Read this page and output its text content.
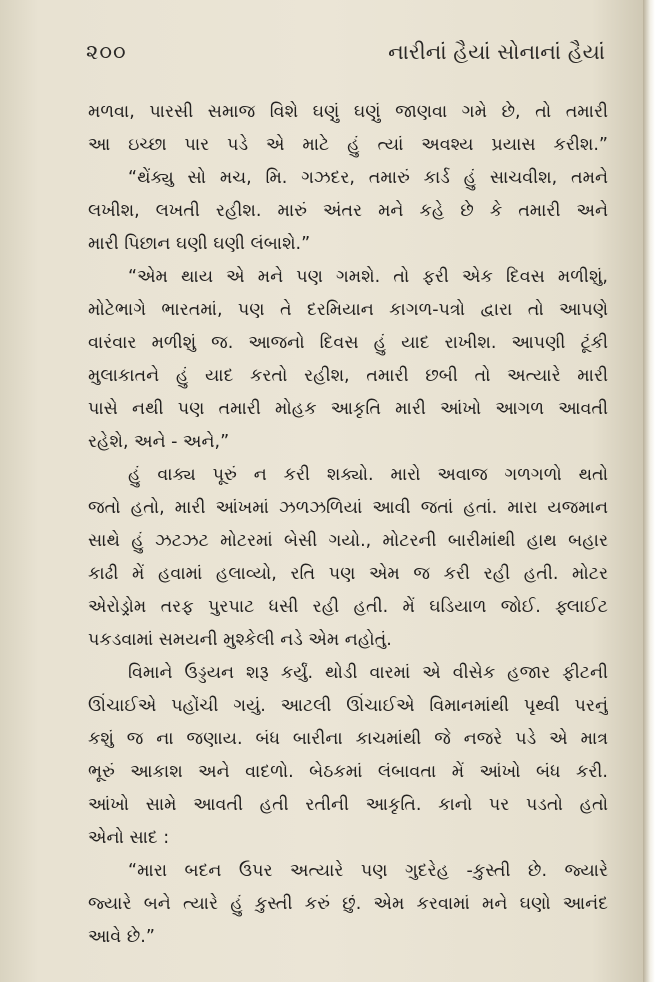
૨૦૦	નારીનાં હૈયાં સોનાનાં હૈયાં
મળવા, પારસી સમાજ વિશે ઘણું ઘણું જાણવા ગમે છે, તો તમારી
આ ઇચ્છા પાર પડે એ માટે હું ત્યાં અવશ્ય પ્રયાસ કરીશ.”
“થેંક્યુ સો મચ, મિ. ગઝદર, તમારું કાર્ડ હું સાચવીશ, તમને
લખીશ, લખતી રહીશ. મારું અંતર મને કહે છે કે તમારી અને
મારી પિછાન ઘણી ઘણી લંબાશે.”
“એમ થાય એ મને પણ ગમશે. તો ફરી એક દિવસ મળીશું,
મોટેભાગે ભારતમાં, પણ તે દરમિયાન કાગળ-પત્રો દ્વારા તો આપણે
વારંવાર મળીશું જ. આજનો દિવસ હું યાદ રાખીશ. આપણી ટૂંકી
મુલાકાતને હું યાદ કરતો રહીશ, તમારી છબી તો અત્યારે મારી
પાસે નથી પણ તમારી મોહક આકૃતિ મારી આંખો આગળ આવતી
રહેશે, અને - અને,”
હું વાક્ય પૂરું ન કરી શક્યો. મારો અવાજ ગળગળો થતો
જતો હતો, મારી આંખમાં ઝળઝળિયાં આવી જતાં હતાં. મારા યજમાન
સાથે હું ઝટઝટ મોટરમાં બેસી ગયો., મોટરની બારીમાંથી હાથ બહાર
કાઢી મેં હવામાં હલાવ્યો, રતિ પણ એમ જ કરી રહી હતી. મોટર
એરોડ્રોમ તરફ પુરપાટ ધસી રહી હતી. મેં ઘડિયાળ જોઈ. ફ્લાઈટ
પકડવામાં સમયની મુશ્કેલી નડે એમ નહોતું.
વિમાને ઉડ્ડયન શરૂ કર્યું. થોડી વારમાં એ વીસેક હજાર ફીટની
ઊંચાઈએ પહોંચી ગયું. આટલી ઊંચાઈએ વિમાનમાંથી પૃથ્વી પરનું
કશું જ ના જણાય. બંધ બારીના કાચમાંથી જે નજરે પડે એ માત્ર
ભૂરું આકાશ અને વાદળો. બેઠકમાં લંબાવતા મેં આંખો બંધ કરી.
આંખો સામે આવતી હતી રતીની આકૃતિ. કાનો પર પડતો હતો
એનો સાદ :
“મારા બદન ઉપર અત્યારે પણ ગુદરેહ -કુસ્તી છે. જ્યારે
જ્યારે બને ત્યારે હું કુસ્તી કરું છું. એમ કરવામાં મને ઘણો આનંદ
આવે છે.”
